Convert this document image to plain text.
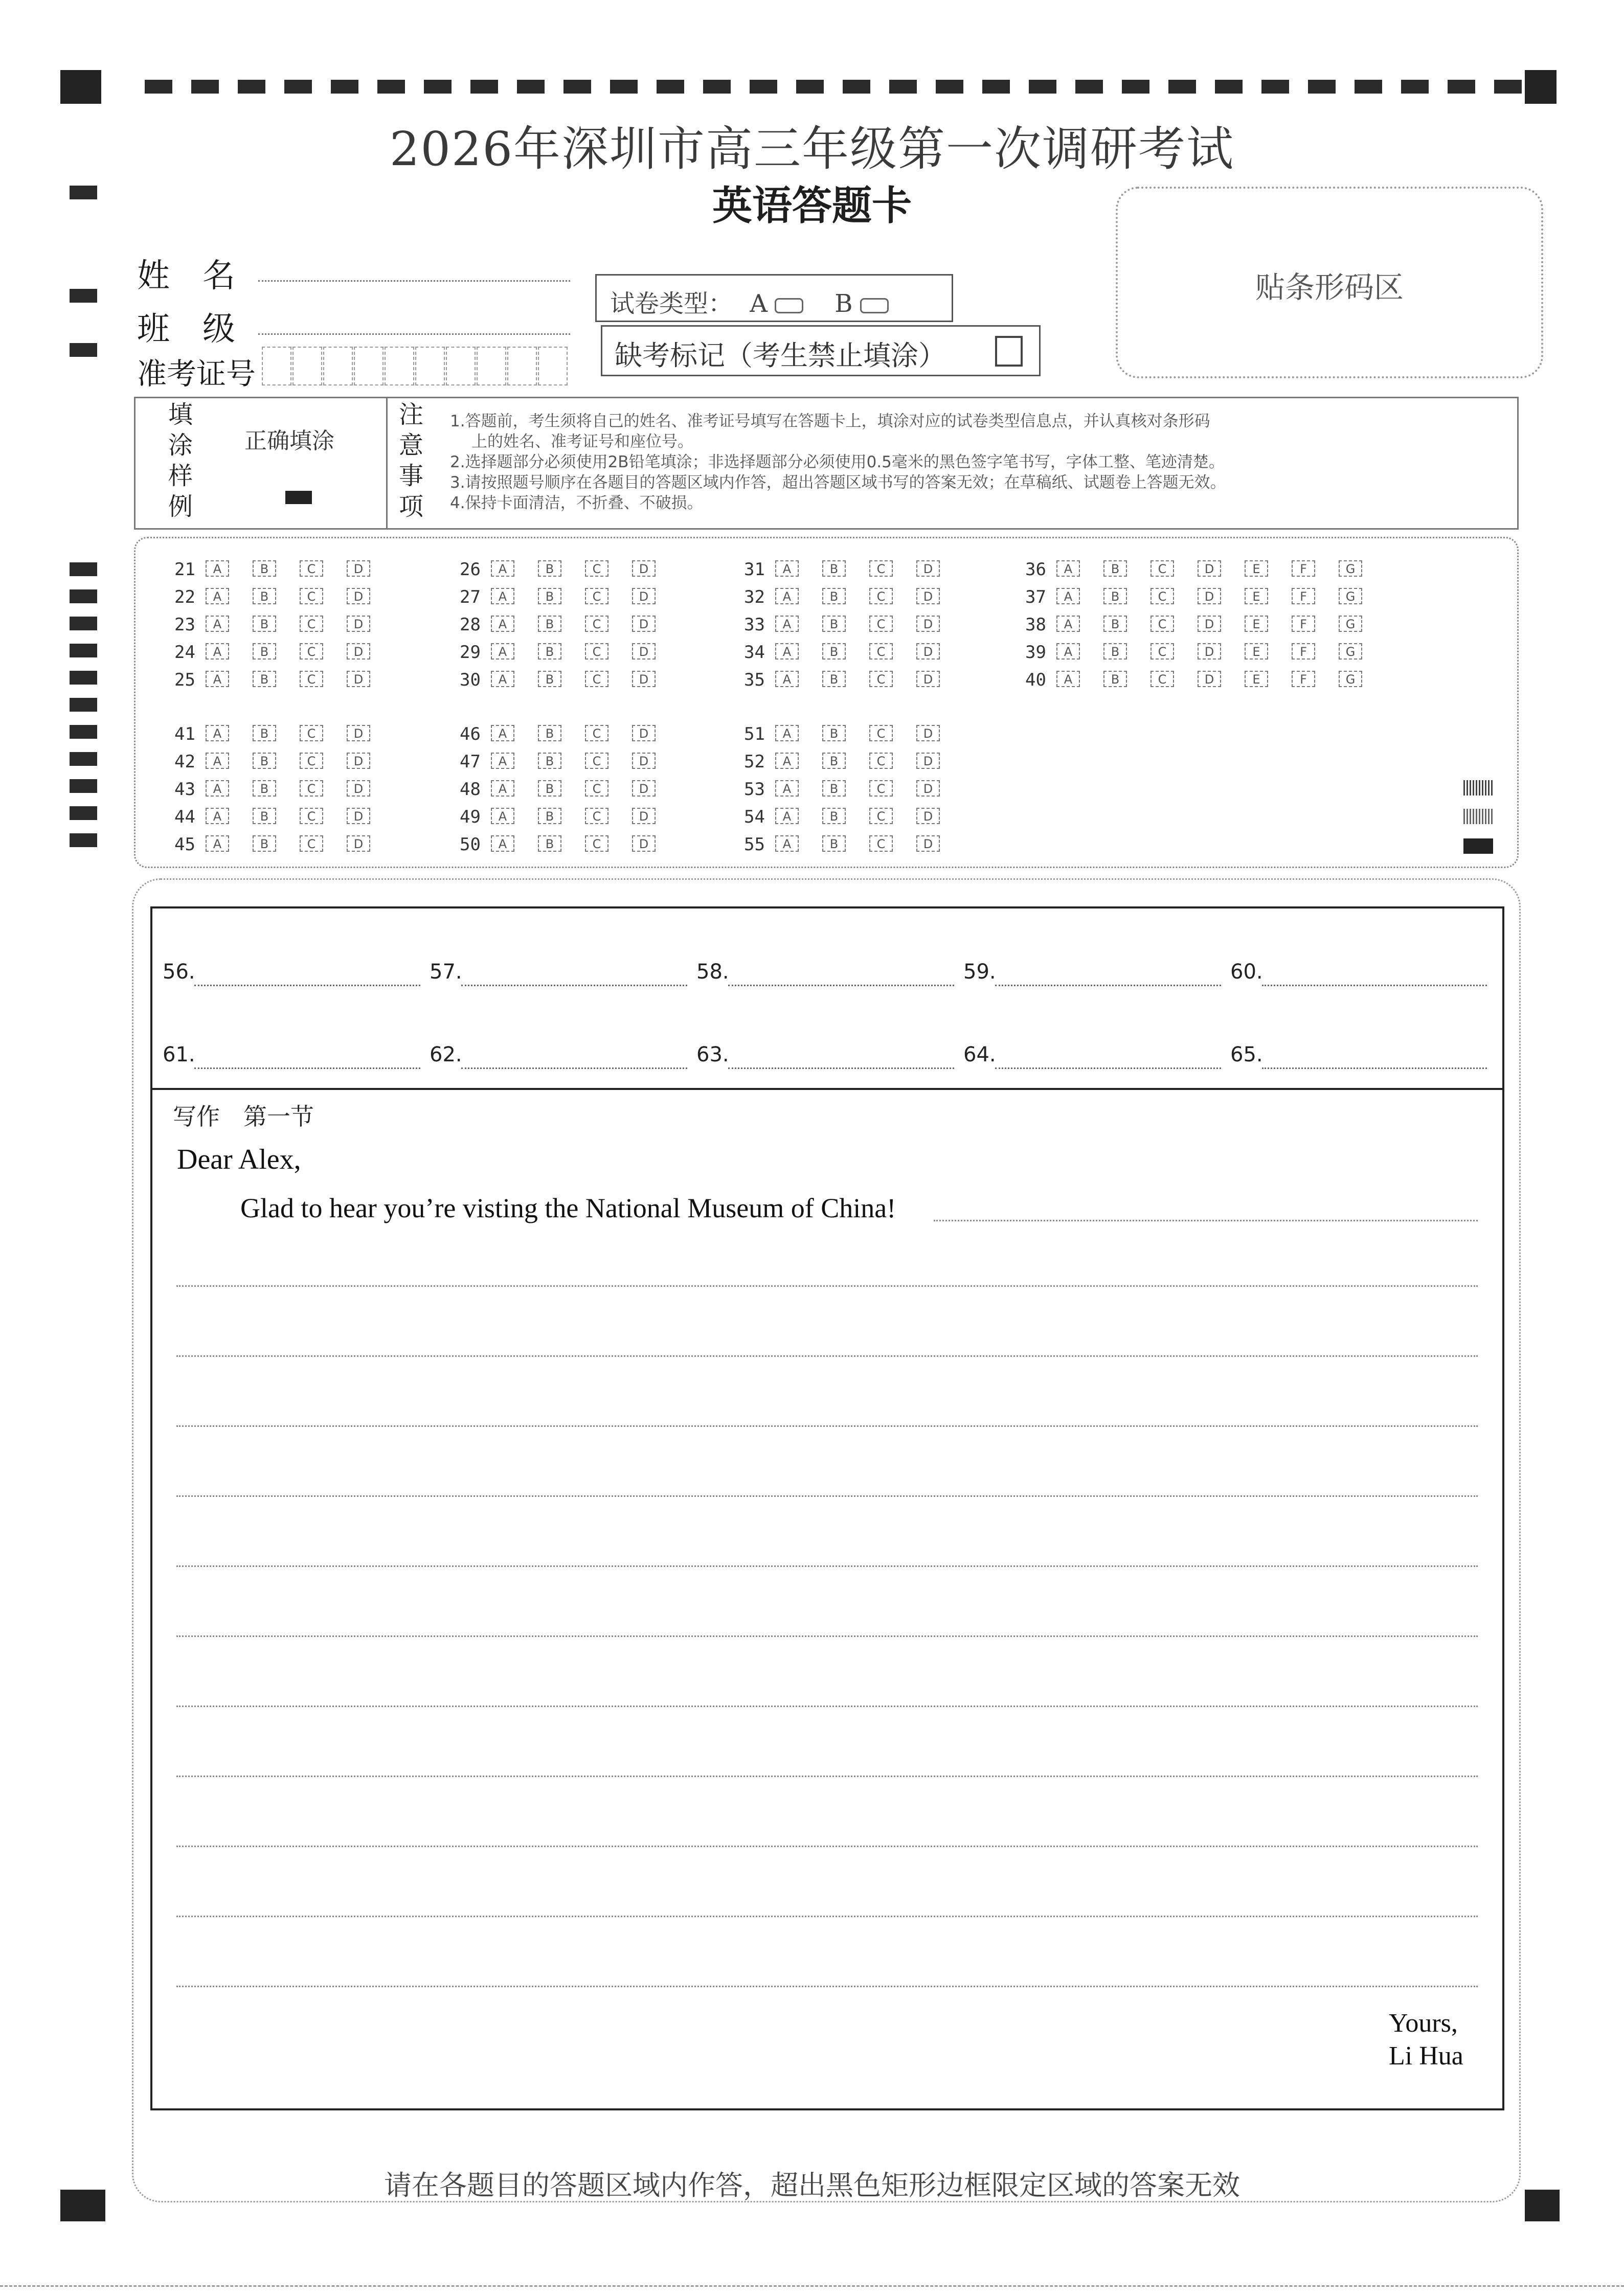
2026年深圳市高三年级第一次调研考试
英语答题卡
贴条形码区
姓　名
班　级
准考证号
试卷类型： A	B
缺考标记（考生禁止填涂）
填
涂
样
例
正确填涂
注
意
事
项
1.答题前，考生须将自己的姓名、准考证号填写在答题卡上，填涂对应的试卷类型信息点，并认真核对条形码
上的姓名、准考证号和座位号。
2.选择题部分必须使用2B铅笔填涂；非选择题部分必须使用0.5毫米的黑色签字笔书写，字体工整、笔迹清楚。
3.请按照题号顺序在各题目的答题区域内作答，超出答题区域书写的答案无效；在草稿纸、试题卷上答题无效。
4.保持卡面清洁，不折叠、不破损。
21	A	B	C	D
22	A	B	C	D
23	A	B	C	D
24	A	B	C	D
25	A	B	C	D
26	A	B	C	D
27	A	B	C	D
28	A	B	C	D
29	A	B	C	D
30	A	B	C	D
31	A	B	C	D
32	A	B	C	D
33	A	B	C	D
34	A	B	C	D
35	A	B	C	D
36	A	B	C	D	E	F	G
37	A	B	C	D	E	F	G
38	A	B	C	D	E	F	G
39	A	B	C	D	E	F	G
40	A	B	C	D	E	F	G
41	A	B	C	D
42	A	B	C	D
43	A	B	C	D
44	A	B	C	D
45	A	B	C	D
46	A	B	C	D
47	A	B	C	D
48	A	B	C	D
49	A	B	C	D
50	A	B	C	D
51	A	B	C	D
52	A	B	C	D
53	A	B	C	D
54	A	B	C	D
55	A	B	C	D
56.	57.	58.	59.	60.
61.	62.	63.	64.	65.
写作　第一节
Dear Alex,
Glad to hear you’re visting the National Museum of China!
Yours,
Li Hua
请在各题目的答题区域内作答，超出黑色矩形边框限定区域的答案无效
